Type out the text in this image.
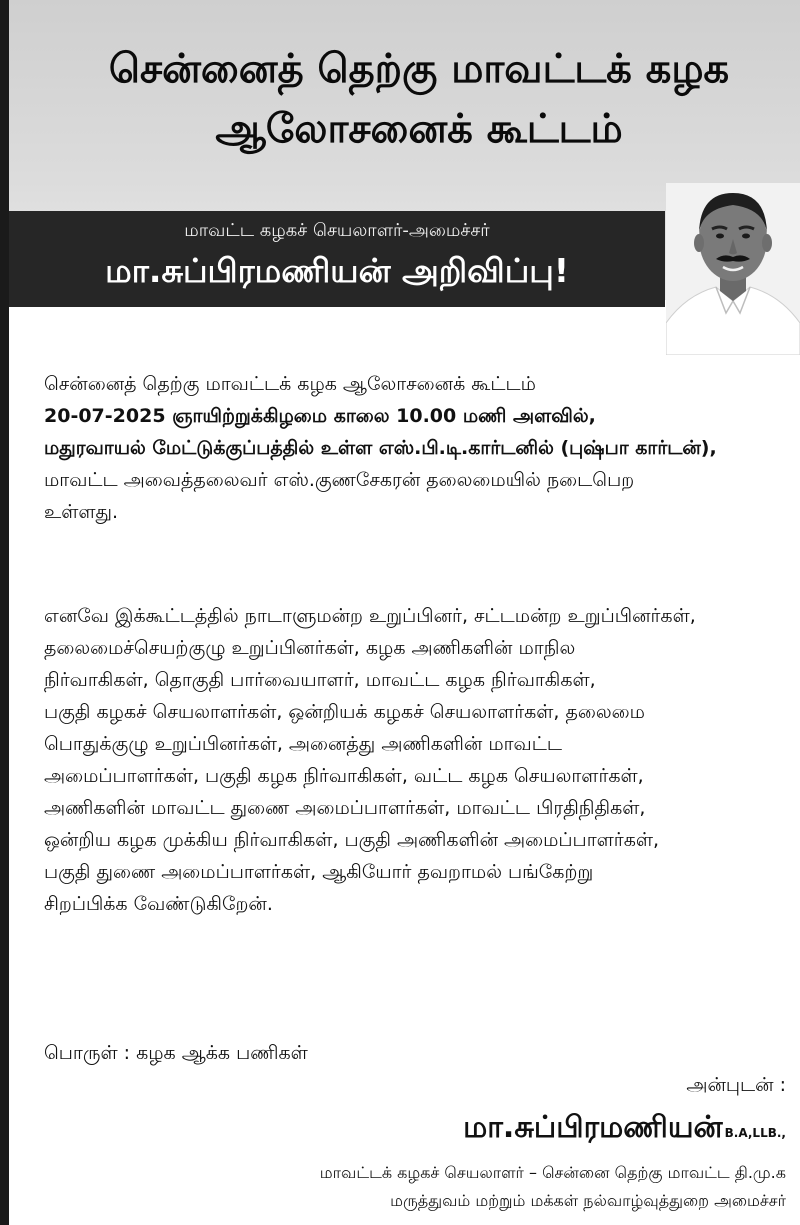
சென்னைத் தெற்கு மாவட்டக் கழக
ஆலோசனைக் கூட்டம்
மாவட்ட கழகச் செயலாளர்-அமைச்சர்
மா.சுப்பிரமணியன் அறிவிப்பு!
சென்னைத் தெற்கு மாவட்டக் கழக ஆலோசனைக் கூட்டம்
20-07-2025 ஞாயிற்றுக்கிழமை காலை 10.00 மணி அளவில்,
மதுரவாயல் மேட்டுக்குப்பத்தில் உள்ள எஸ்.பி.டி.கார்டனில் (புஷ்பா கார்டன்),
மாவட்ட அவைத்தலைவர் எஸ்.குணசேகரன் தலைமையில் நடைபெற
உள்ளது.
எனவே இக்கூட்டத்தில் நாடாளுமன்ற உறுப்பினர், சட்டமன்ற உறுப்பினர்கள்,
தலைமைச்செயற்குழு உறுப்பினர்கள், கழக அணிகளின் மாநில
நிர்வாகிகள், தொகுதி பார்வையாளர், மாவட்ட கழக நிர்வாகிகள்,
பகுதி கழகச் செயலாளர்கள், ஒன்றியக் கழகச் செயலாளர்கள், தலைமை
பொதுக்குழு உறுப்பினர்கள், அனைத்து அணிகளின் மாவட்ட
அமைப்பாளர்கள், பகுதி கழக நிர்வாகிகள், வட்ட கழக செயலாளர்கள்,
அணிகளின் மாவட்ட துணை அமைப்பாளர்கள், மாவட்ட பிரதிநிதிகள்,
ஒன்றிய கழக முக்கிய நிர்வாகிகள், பகுதி அணிகளின் அமைப்பாளர்கள்,
பகுதி துணை அமைப்பாளர்கள், ஆகியோர் தவறாமல் பங்கேற்று
சிறப்பிக்க வேண்டுகிறேன்.
பொருள் : கழக ஆக்க பணிகள்
அன்புடன் :
மா.சுப்பிரமணியன் B.A,LLB.,
மாவட்டக் கழகச் செயலாளர் – சென்னை தெற்கு மாவட்ட தி.மு.க
மருத்துவம் மற்றும் மக்கள் நல்வாழ்வுத்துறை அமைச்சர்
